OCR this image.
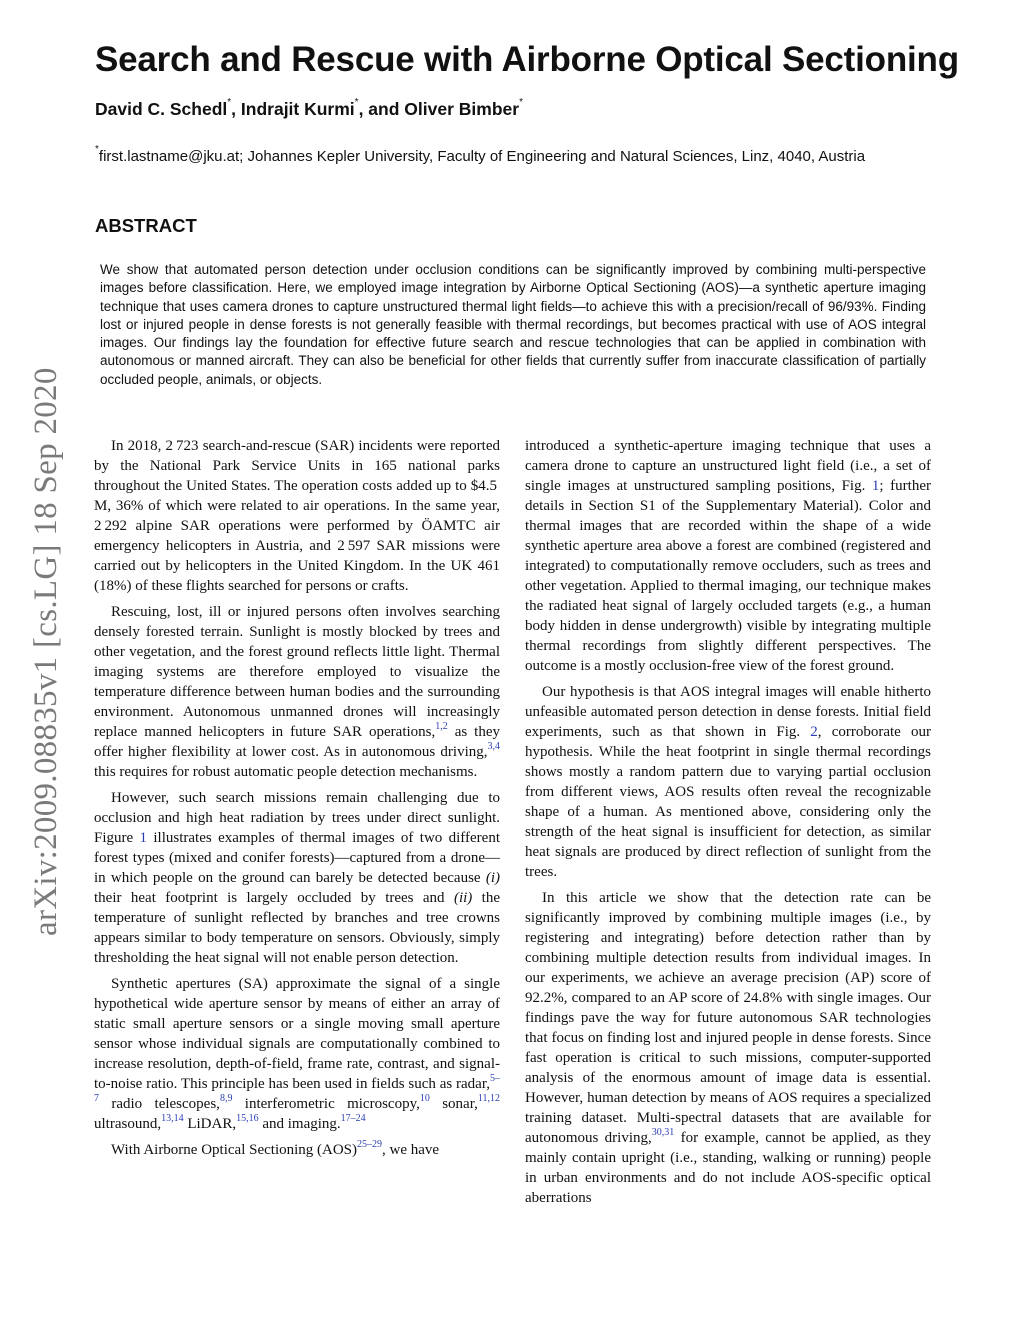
arXiv:2009.08835v1 [cs.LG] 18 Sep 2020
Search and Rescue with Airborne Optical Sectioning
David C. Schedl*, Indrajit Kurmi*, and Oliver Bimber*
*first.lastname@jku.at; Johannes Kepler University, Faculty of Engineering and Natural Sciences, Linz, 4040, Austria
ABSTRACT

We show that automated person detection under occlusion conditions can be significantly improved by combining multi-perspective images before classification. Here, we employed image integration by Airborne Optical Sectioning (AOS)—a synthetic aperture imaging technique that uses camera drones to capture unstructured thermal light fields—to achieve this with a precision/recall of 96/93%. Finding lost or injured people in dense forests is not generally feasible with thermal recordings, but becomes practical with use of AOS integral images. Our findings lay the foundation for effective future search and rescue technologies that can be applied in combination with autonomous or manned aircraft. They can also be beneficial for other fields that currently suffer from inaccurate classification of partially occluded people, animals, or objects.

In 2018, 2 723 search-and-rescue (SAR) incidents were reported by the National Park Service Units in 165 national parks throughout the United States. The operation costs added up to $4.5 M, 36% of which were related to air operations. In the same year, 2 292 alpine SAR operations were performed by ÖAMTC air emergency helicopters in Austria, and 2 597 SAR missions were carried out by helicopters in the United Kingdom. In the UK 461 (18%) of these flights searched for persons or crafts.

Rescuing, lost, ill or injured persons often involves searching densely forested terrain. Sunlight is mostly blocked by trees and other vegetation, and the forest ground reflects little light. Thermal imaging systems are therefore employed to visualize the temperature difference between human bodies and the surrounding environment. Autonomous unmanned drones will increasingly replace manned helicopters in future SAR operations,$^{1,2}$ as they offer higher flexibility at lower cost. As in autonomous driving,$^{3,4}$ this requires for robust automatic people detection mechanisms.

However, such search missions remain challenging due to occlusion and high heat radiation by trees under direct sunlight. Figure 1 illustrates examples of thermal images of two different forest types (mixed and conifer forests)—captured from a drone—in which people on the ground can barely be detected because (i) their heat footprint is largely occluded by trees and (ii) the temperature of sunlight reflected by branches and tree crowns appears similar to body temperature on sensors. Obviously, simply thresholding the heat signal will not enable person detection.

Synthetic apertures (SA) approximate the signal of a single hypothetical wide aperture sensor by means of either an array of static small aperture sensors or a single moving small aperture sensor whose individual signals are computationally combined to increase resolution, depth-of-field, frame rate, contrast, and signal-to-noise ratio. This principle has been used in fields such as radar,$^{5-7}$ radio telescopes,$^{8,9}$ interferometric microscopy,$^{10}$ sonar,$^{11,12}$ ultrasound,$^{13,14}$ LiDAR,$^{15,16}$ and imaging.$^{17-24}$

With Airborne Optical Sectioning (AOS)$^{25-29}$, we have

introduced a synthetic-aperture imaging technique that uses a camera drone to capture an unstructured light field (i.e., a set of single images at unstructured sampling positions, Fig. 1; further details in Section S1 of the Supplementary Material). Color and thermal images that are recorded within the shape of a wide synthetic aperture area above a forest are combined (registered and integrated) to computationally remove occluders, such as trees and other vegetation. Applied to thermal imaging, our technique makes the radiated heat signal of largely occluded targets (e.g., a human body hidden in dense undergrowth) visible by integrating multiple thermal recordings from slightly different perspectives. The outcome is a mostly occlusion-free view of the forest ground.

Our hypothesis is that AOS integral images will enable hitherto unfeasible automated person detection in dense forests. Initial field experiments, such as that shown in Fig. 2, corroborate our hypothesis. While the heat footprint in single thermal recordings shows mostly a random pattern due to varying partial occlusion from different views, AOS results often reveal the recognizable shape of a human. As mentioned above, considering only the strength of the heat signal is insufficient for detection, as similar heat signals are produced by direct reflection of sunlight from the trees.

In this article we show that the detection rate can be significantly improved by combining multiple images (i.e., by registering and integrating) before detection rather than by combining multiple detection results from individual images. In our experiments, we achieve an average precision (AP) score of 92.2%, compared to an AP score of 24.8% with single images. Our findings pave the way for future autonomous SAR technologies that focus on finding lost and injured people in dense forests. Since fast operation is critical to such missions, computer-supported analysis of the enormous amount of image data is essential. However, human detection by means of AOS requires a specialized training dataset. Multi-spectral datasets that are available for autonomous driving,$^{30,31}$ for example, cannot be applied, as they mainly contain upright (i.e., standing, walking or running) people in urban environments and do not include AOS-specific optical aberrations
